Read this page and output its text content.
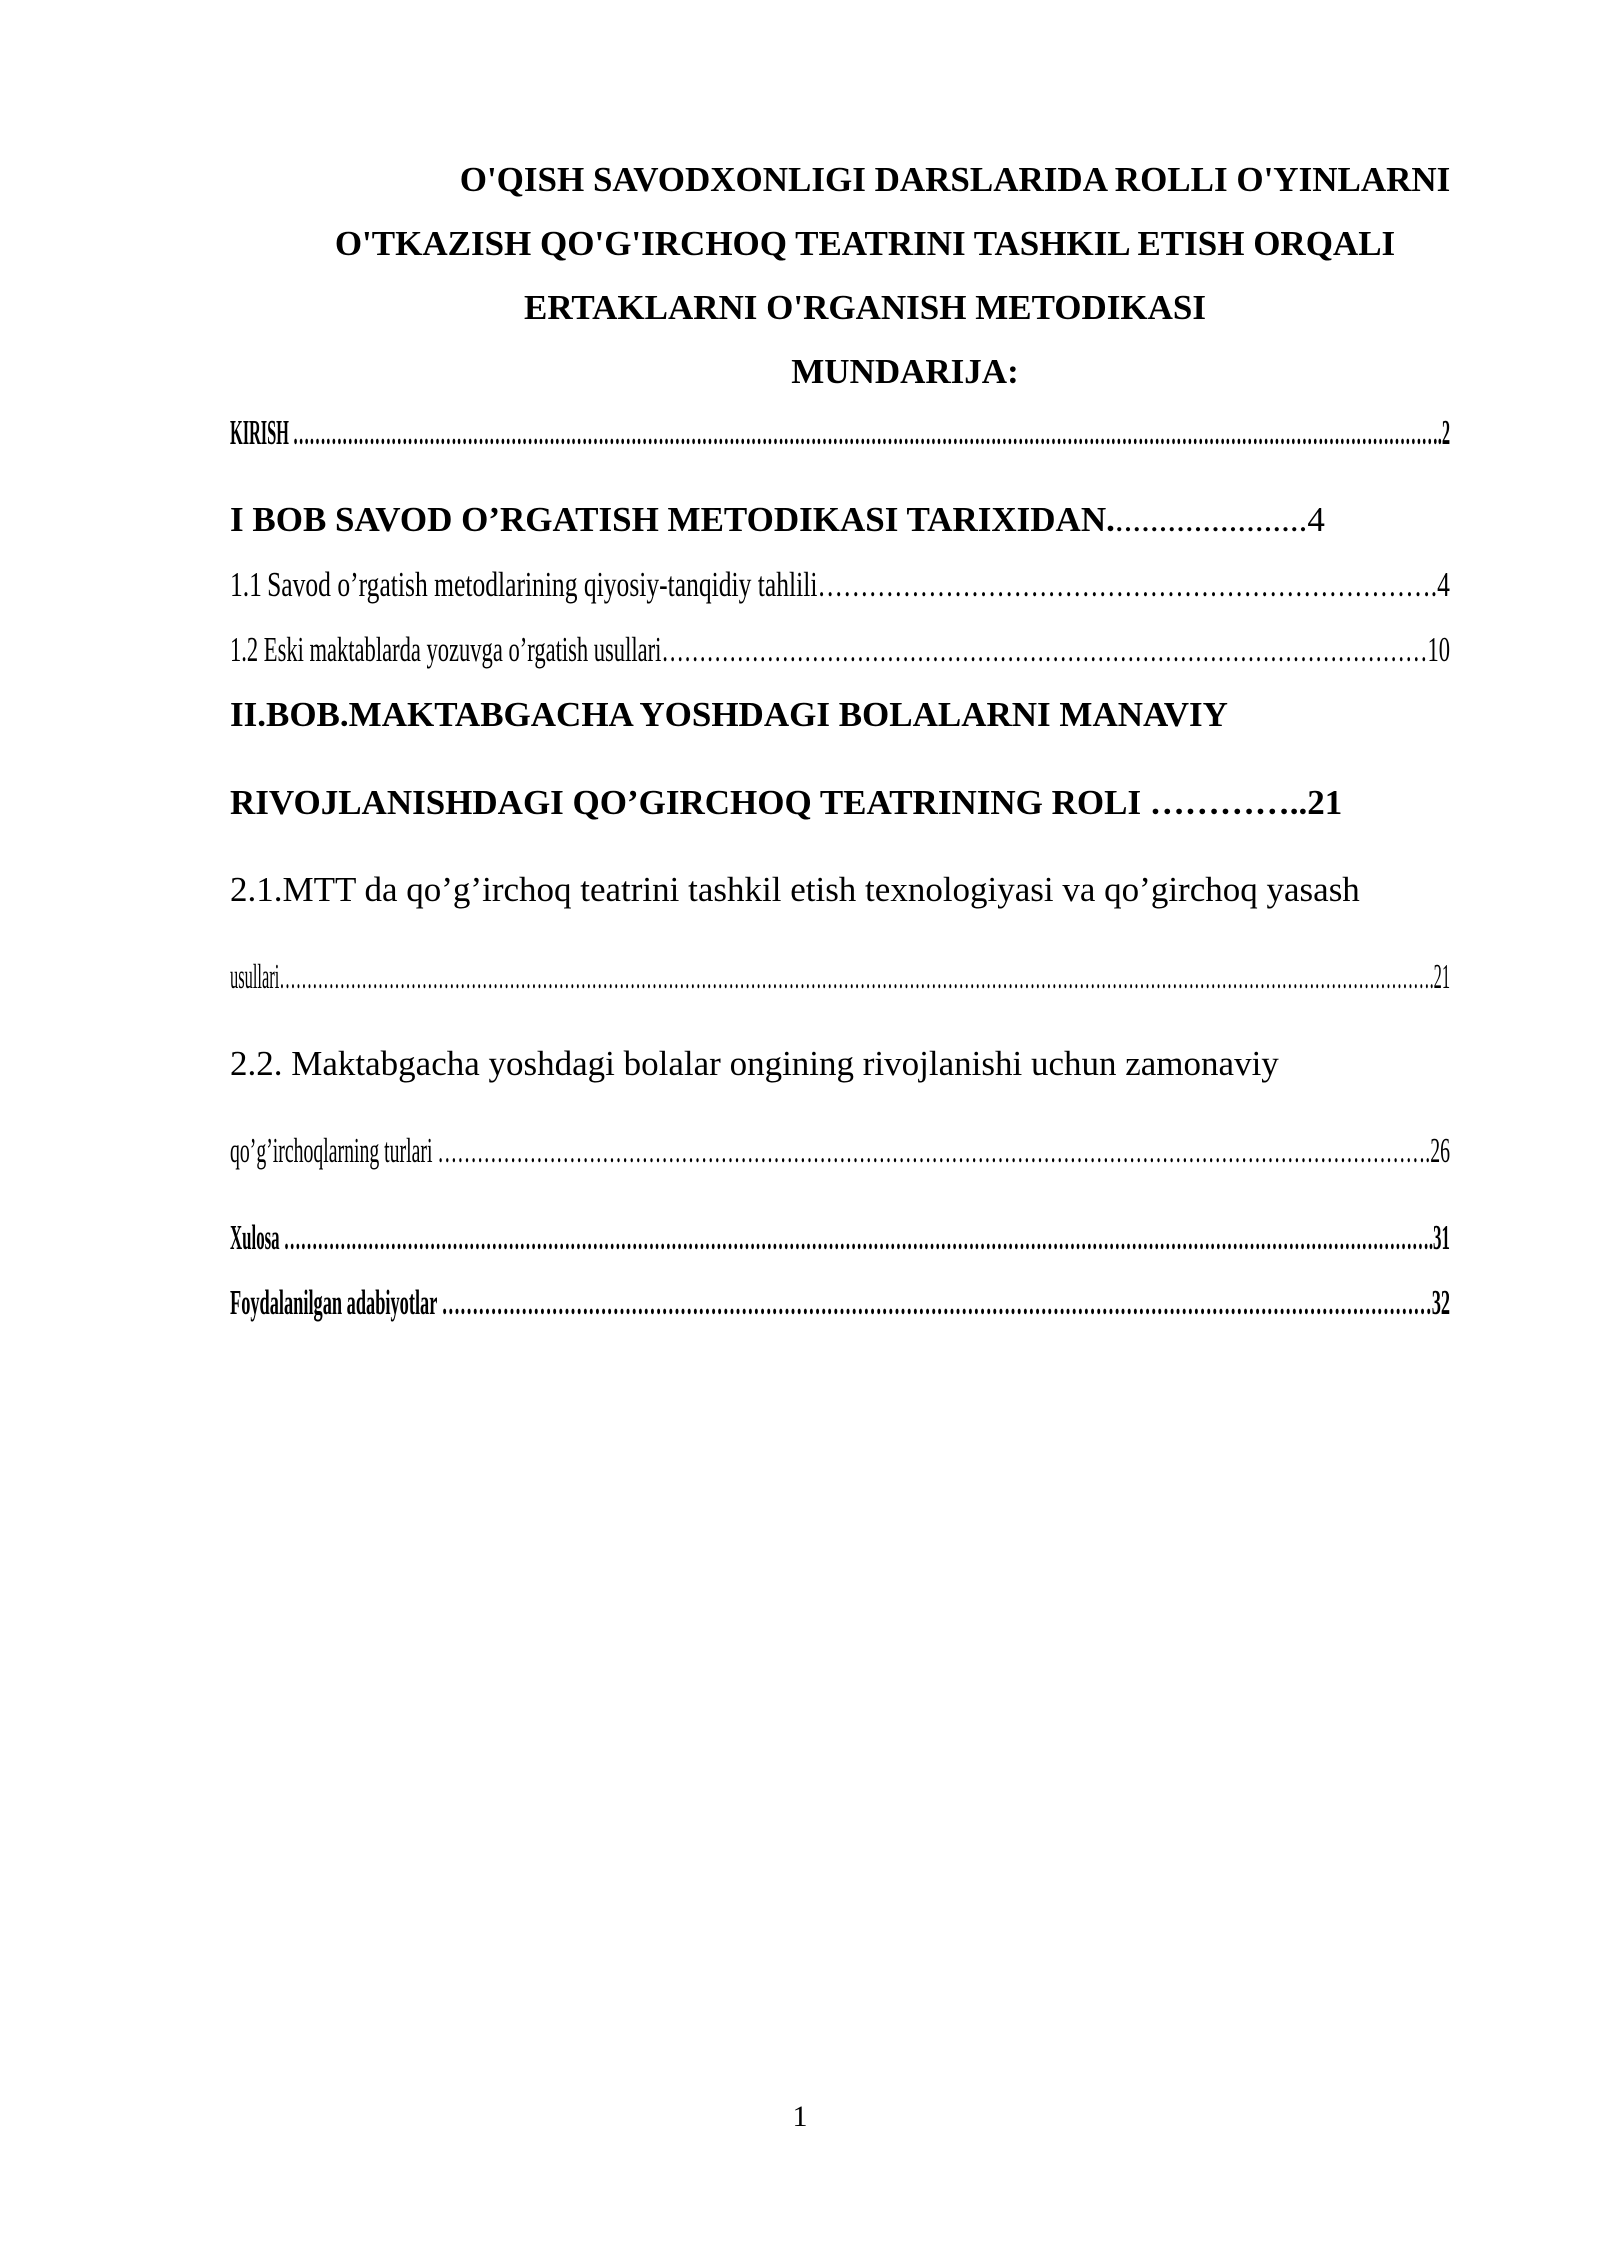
O'QISH SAVODXONLIGI DARSLARIDA ROLLI O'YINLARNI
O'TKAZISH QO'G'IRCHOQ TEATRINI TASHKIL ETISH ORQALI
ERTAKLARNI O'RGANISH METODIKASI
MUNDARIJA:
KIRISH ………………………………………………………………………………………………………………………………………………………………………………………….2
I BOB SAVOD O’RGATISH METODIKASI TARIXIDAN.......................4
1.1 Savod o’rgatish metodlarining qiyosiy-tanqidiy tahlili……………………………………………………………….4
1.2 Eski maktablarda yozuvga o’rgatish usullari…………………………………………………………………………………………10
II.BOB.MAKTABGACHA YOSHDAGI BOLALARNI MANAVIY
RIVOJLANISHDAGI QO’GIRCHOQ TEATRINING ROLI …………..21
2.1.MTT da qo’g’irchoq teatrini tashkil etish texnologiyasi va qo’girchoq yasash
usullari………………………………………………………………………………………………………………………………………………………………………………………….21
2.2. Maktabgacha yoshdagi bolalar ongining rivojlanishi uchun zamonaviy
qo’g’irchoqlarning turlari …………………………………………………………………………………………………………………………………….26
Xulosa …………………………………………………………………………………………………………………………………………………………………………………….31
Foydalanilgan adabiyotlar ………………………………………………………………………………………………………………………………………………32
1
